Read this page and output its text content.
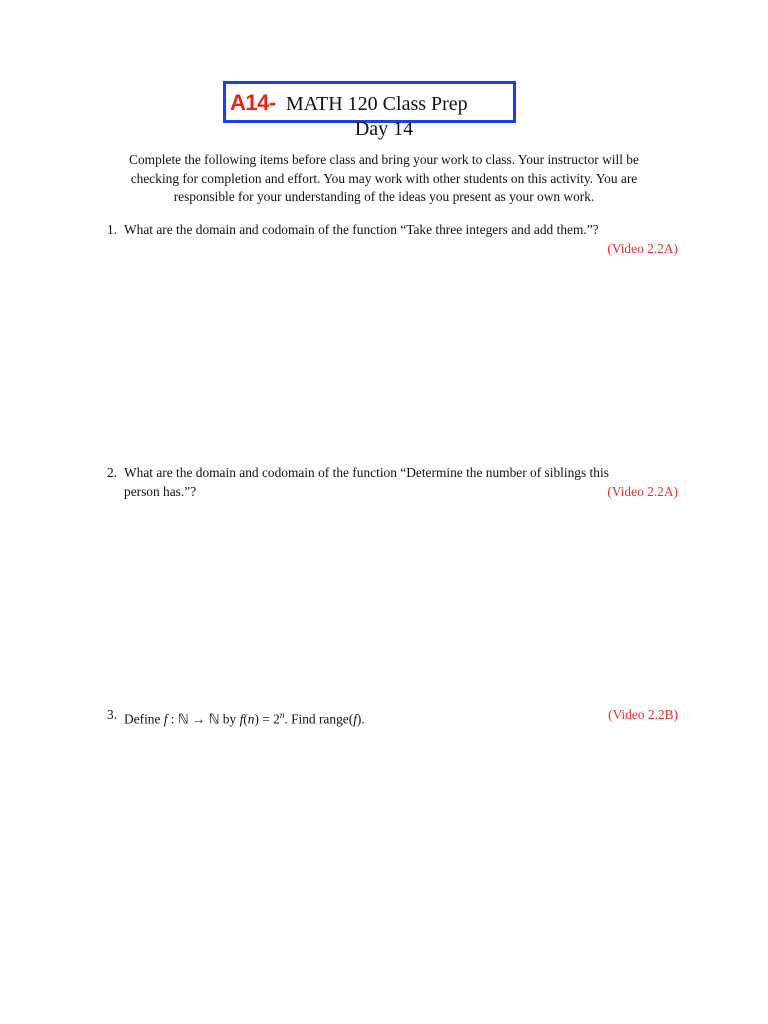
A14- MATH 120 Class Prep
Day 14
Complete the following items before class and bring your work to class. Your instructor will be
checking for completion and effort. You may work with other students on this activity. You are
responsible for your understanding of the ideas you present as your own work.
1. What are the domain and codomain of the function “Take three integers and add them.”?
(Video 2.2A)
2. What are the domain and codomain of the function “Determine the number of siblings this
(Video 2.2A)
person has.”?
3.	(Video 2.2B)
Define f : ℕ → ℕ by $f(n) = 2^n$. Find range(f).
